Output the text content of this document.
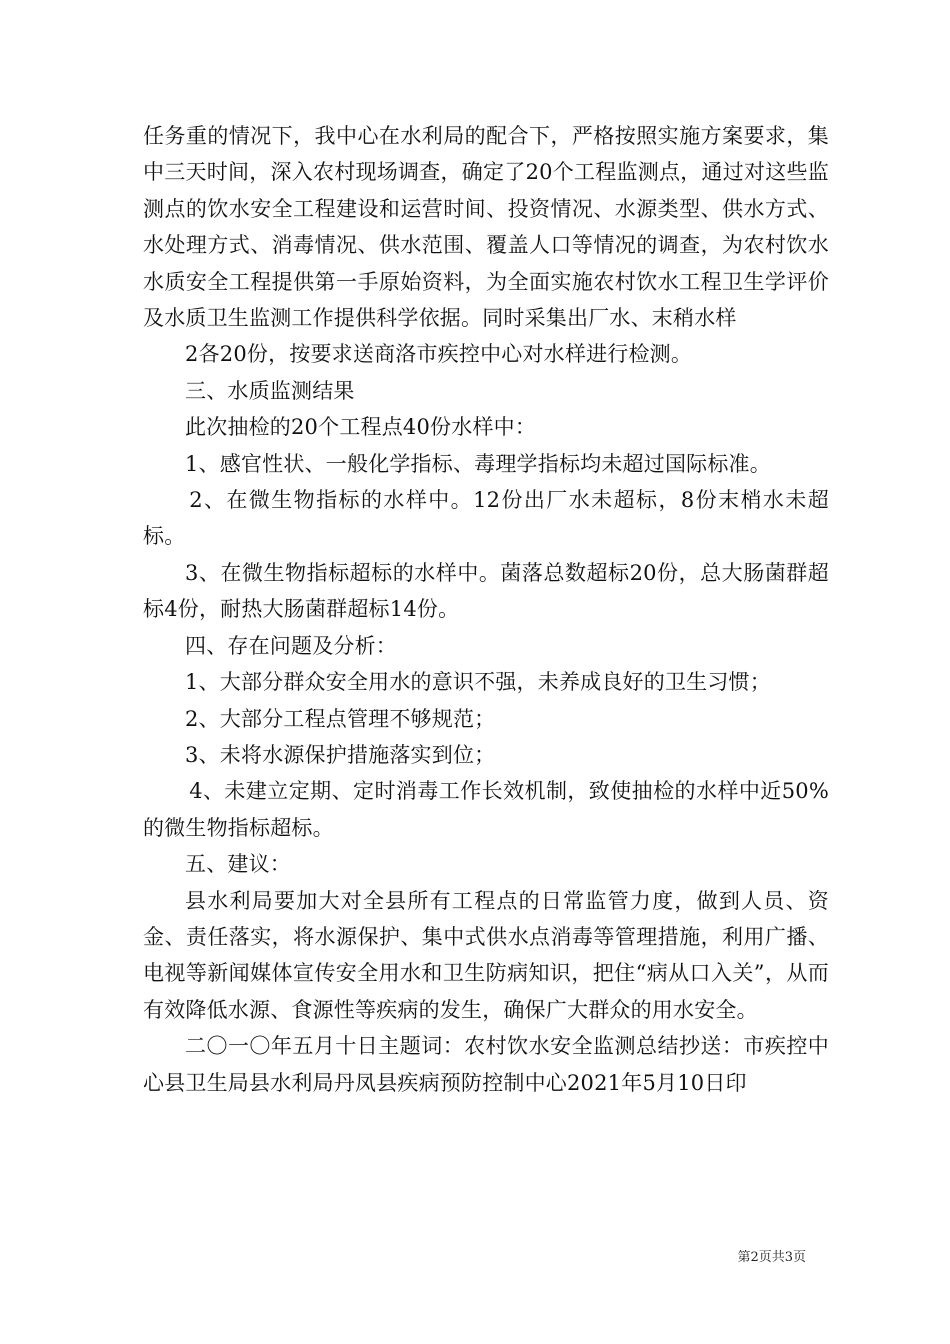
任务重的情况下，我中心在水利局的配合下，严格按照实施方案要求，集中三天时间，深入农村现场调查，确定了20个工程监测点，通过对这些监测点的饮水安全工程建设和运营时间、投资情况、水源类型、供水方式、水处理方式、消毒情况、供水范围、覆盖人口等情况的调查，为农村饮水水质安全工程提供第一手原始资料，为全面实施农村饮水工程卫生学评价及水质卫生监测工作提供科学依据。同时采集出厂水、末稍水样

2各20份，按要求送商洛市疾控中心对水样进行检测。

三、水质监测结果

此次抽检的20个工程点40份水样中：

1、感官性状、一般化学指标、毒理学指标均未超过国际标准。

2、在微生物指标的水样中。12份出厂水未超标，8份末梢水未超标。

3、在微生物指标超标的水样中。菌落总数超标20份，总大肠菌群超标4份，耐热大肠菌群超标14份。

四、存在问题及分析：

1、大部分群众安全用水的意识不强，未养成良好的卫生习惯；

2、大部分工程点管理不够规范；

3、未将水源保护措施落实到位；

4、未建立定期、定时消毒工作长效机制，致使抽检的水样中近50%的微生物指标超标。

五、建议：

县水利局要加大对全县所有工程点的日常监管力度，做到人员、资金、责任落实，将水源保护、集中式供水点消毒等管理措施，利用广播、电视等新闻媒体宣传安全用水和卫生防病知识，把住“病从口入关”，从而有效降低水源、食源性等疾病的发生，确保广大群众的用水安全。

二〇一〇年五月十日主题词：农村饮水安全监测总结抄送：市疾控中心县卫生局县水利局丹凤县疾病预防控制中心2021年5月10日印

第2页共3页
